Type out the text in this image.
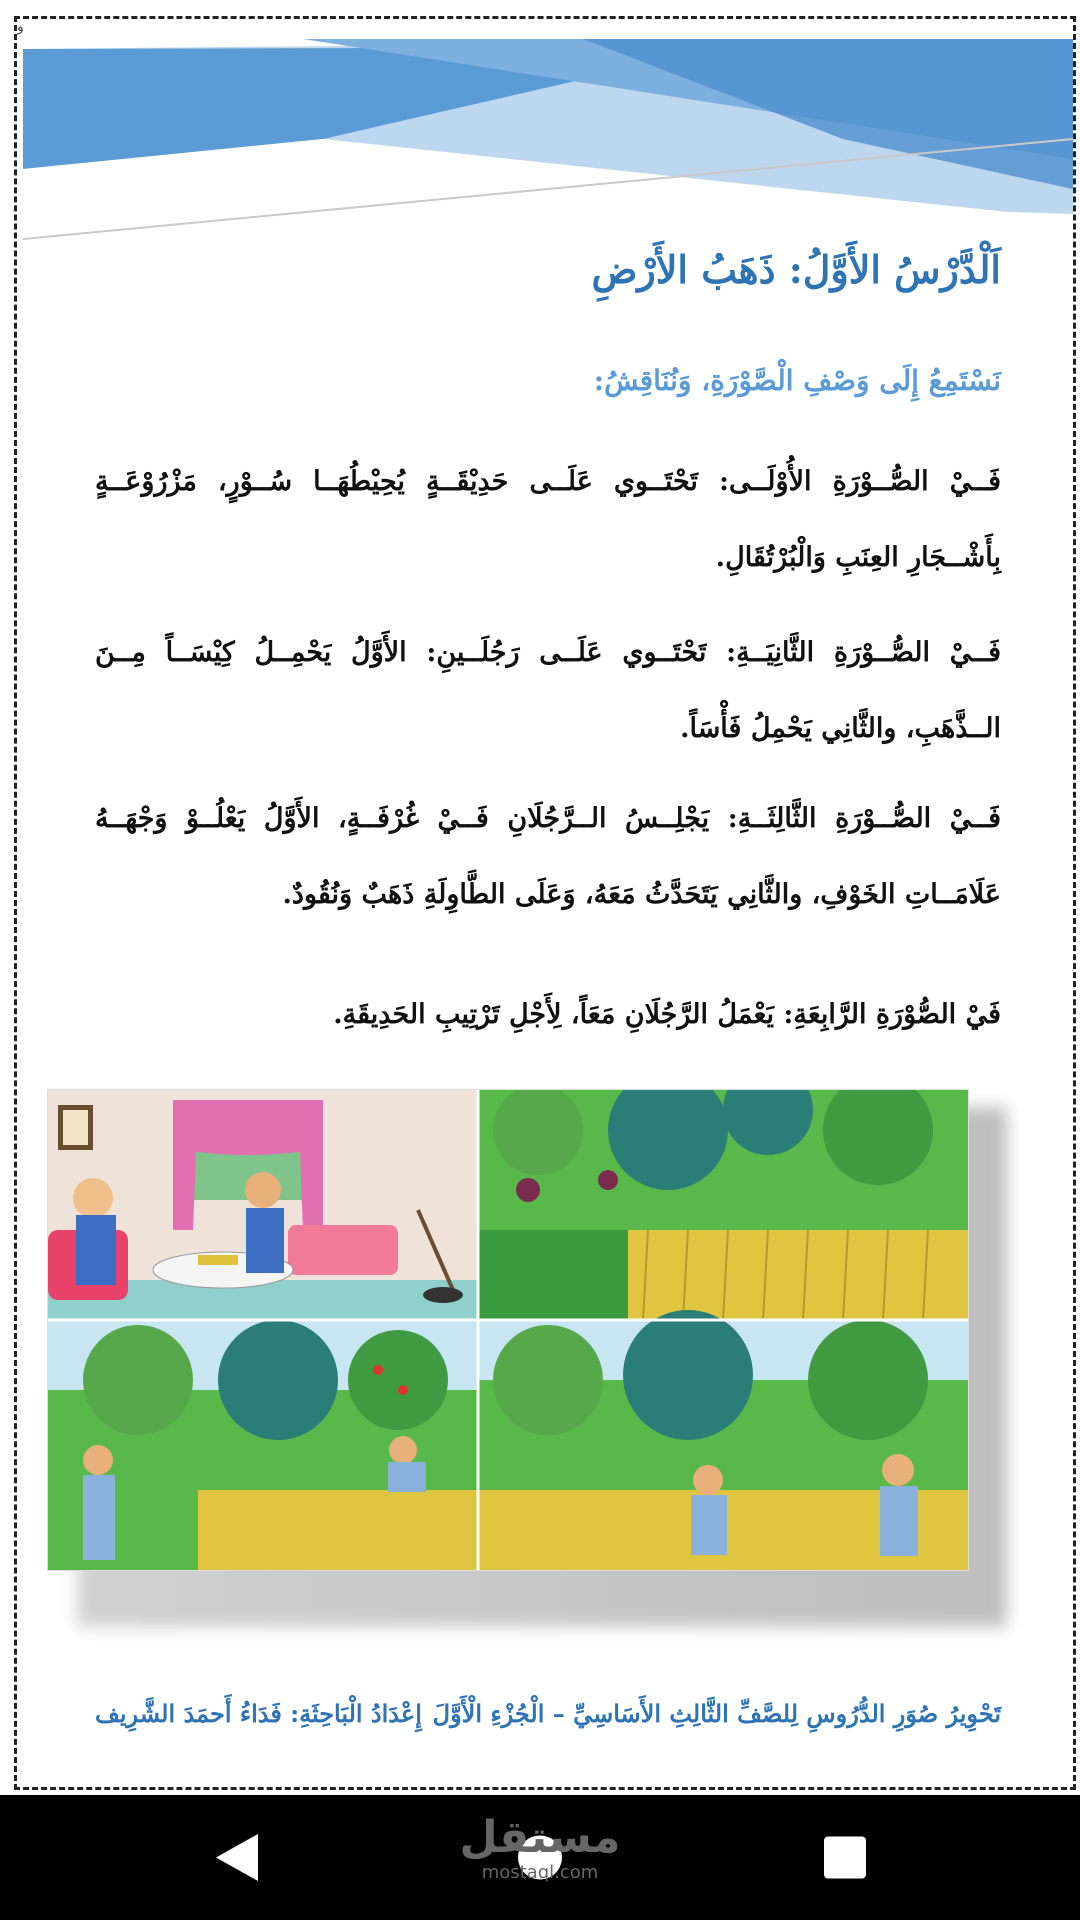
و
اَلْدَّرْسُ الأَوَّلُ: ذَهَبُ الأَرْضِ
نَسْتَمِعُ إِلَى وَصْفِ الْصَّوْرَةِ، وَنُنَاقِشُ:

فَــيْ الصُّــوْرَةِ الأُوْلَــى: تَحْتَــوي عَلَــى حَدِيْقَــةٍ يُحِيْطُهَــا سُــوْرٍ، مَزْرُوْعَــةٍ بِأَشْــجَارِ العِنَبِ وَالْبُرْتُقَالِ.

فَــيْ الصُّــوْرَةِ الثَّانِيَــةِ: تَحْتَــوي عَلَــى رَجُلَــينِ: الأَوَّلُ يَحْمِــلُ كِيْسَــاً مِــنَ الــذَّهَبِ، والثَّانِي يَحْمِلُ فَأْسَاً.

فَــيْ الصُّــوْرَةِ الثَّالِثَــةِ: يَجْلِــسُ الــرَّجُلَانِ فَــيْ غُرْفَــةٍ، الأَوَّلُ يَعْلُــوْ وَجْهَــهُ عَلَامَــاتِ الخَوْفِ، والثَّانِي يَتَحَدَّثُ مَعَهُ، وَعَلَى الطَّاوِلَةِ ذَهَبٌ وَنُقُودٌ.

فَيْ الصُّوْرَةِ الرَّابِعَةِ: يَعْمَلُ الرَّجُلَانِ مَعَاً، لِأَجْلِ تَرْتِيبِ الحَدِيقَةِ.

تَحْوِيرُ صُوَرِ الدُّرُوسِ لِلصَّفِّ الثَّالِثِ الأَسَاسِيِّ – الْجُزْءِ الْأَوَّلَ
إِعْدَادُ الْبَاحِثَةِ: فَدَاءُ أَحمَدَ الشَّرِيف
مستقل
mostaql.com
